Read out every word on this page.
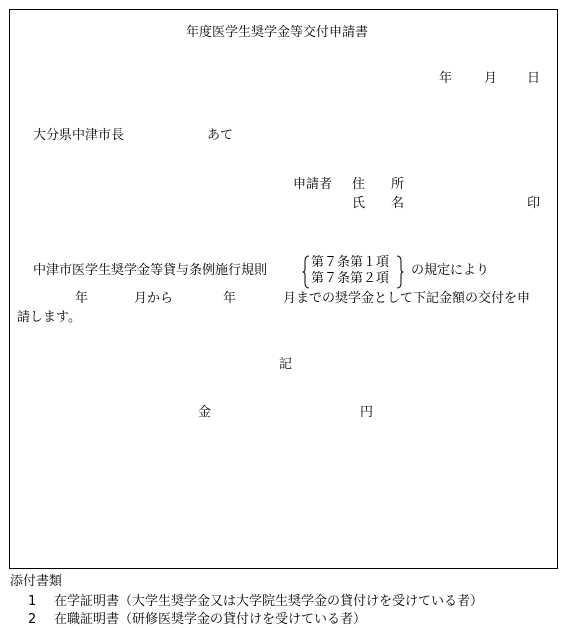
年度医学生奨学金等交付申請書
年 月 日
大分県中津市長	あて
申請者 住　　所
氏　　名	印
中津市医学生奨学金等貸与条例施行規則
第７条第１項
第７条第２項
の規定により
年	月から	年	月までの奨学金として下記金額の交付を申
請します。
記
金	円
添付書類
1 在学証明書（大学生奨学金又は大学院生奨学金の貸付けを受けている者）
2 在職証明書（研修医奨学金の貸付けを受けている者）
